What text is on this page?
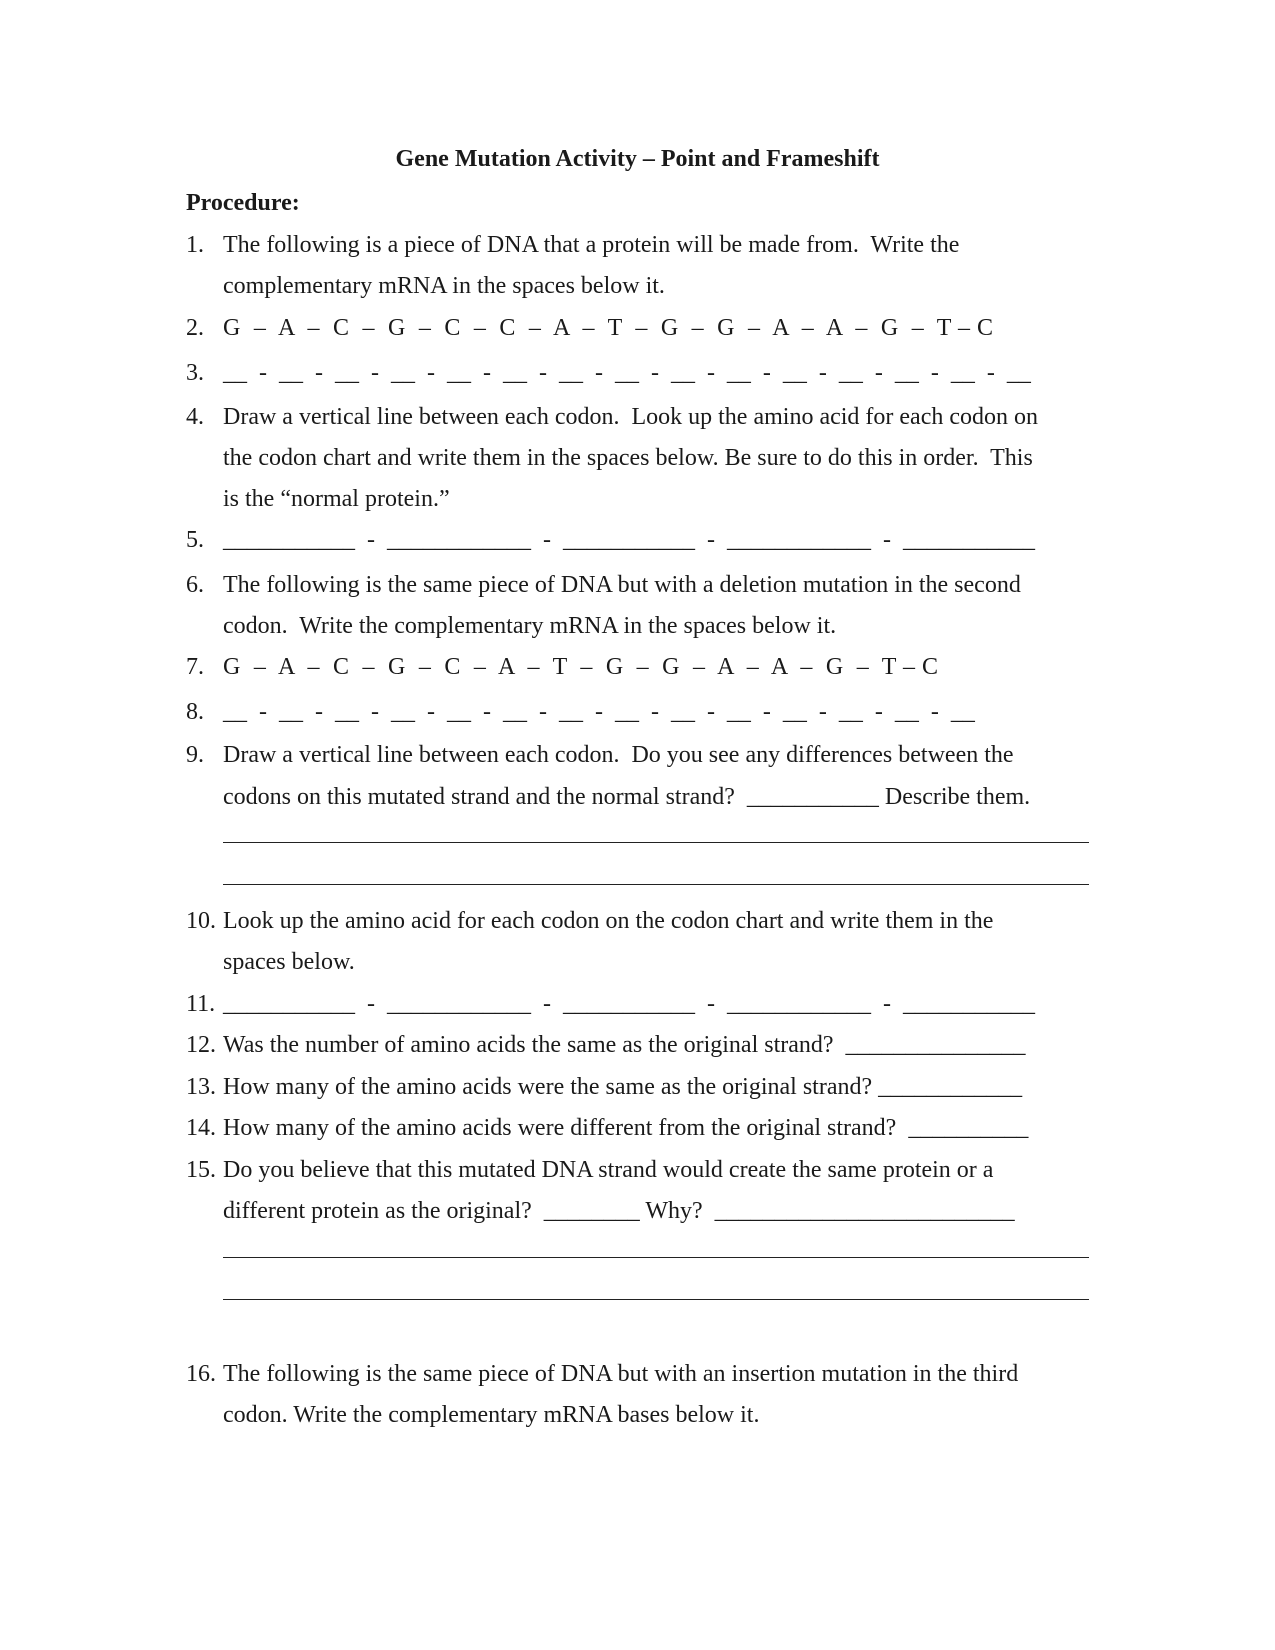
Gene Mutation Activity – Point and Frameshift
Procedure:

1.

The following is a piece of DNA that a protein will be made from.  Write the

complementary mRNA in the spaces below it.

2.

G  –  A  –  C  –  G  –  C  –  C  –  A  –  T  –  G  –  G  –  A  –  A  –  G  –  T – C

3.

__  -  __  -  __  -  __  -  __  -  __  -  __  -  __  -  __  -  __  -  __  -  __  -  __  -  __  -  __

4.

Draw a vertical line between each codon.  Look up the amino acid for each codon on

the codon chart and write them in the spaces below. Be sure to do this in order.  This

is the “normal protein.”

5.

___________  -  ____________  -  ___________  -  ____________  -  ___________

6.

The following is the same piece of DNA but with a deletion mutation in the second

codon.  Write the complementary mRNA in the spaces below it.

7.

G  –  A  –  C  –  G  –  C  –  A  –  T  –  G  –  G  –  A  –  A  –  G  –  T – C

8.

__  -  __  -  __  -  __  -  __  -  __  -  __  -  __  -  __  -  __  -  __  -  __  -  __  -  __

9.

Draw a vertical line between each codon.  Do you see any differences between the

codons on this mutated strand and the normal strand?  ___________ Describe them.

10.

Look up the amino acid for each codon on the codon chart and write them in the

spaces below.

11.

___________  -  ____________  -  ___________  -  ____________  -  ___________

12.

Was the number of amino acids the same as the original strand?  _______________

13.

How many of the amino acids were the same as the original strand? ____________

14.

How many of the amino acids were different from the original strand?  __________

15.

Do you believe that this mutated DNA strand would create the same protein or a

different protein as the original?  ________ Why?  _________________________

16.

The following is the same piece of DNA but with an insertion mutation in the third

codon. Write the complementary mRNA bases below it.
